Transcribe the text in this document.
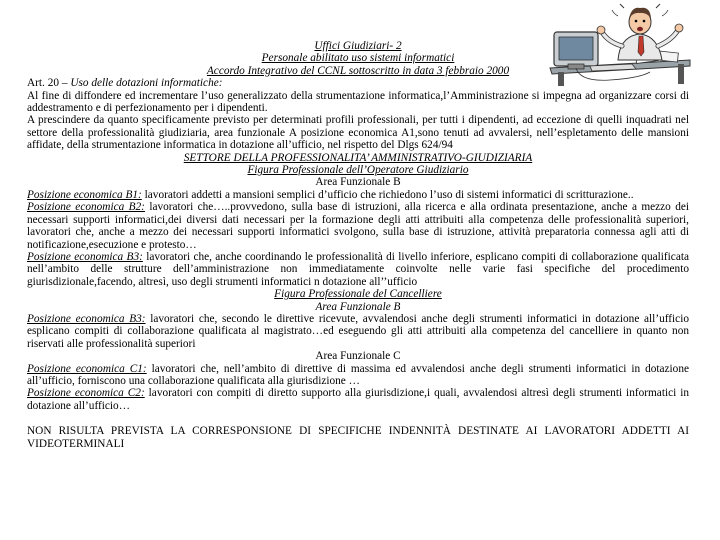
Uffici Giudiziari- 2

Personale abilitato uso sistemi informatici

Accordo Integrativo del CCNL sottoscritto in data 3 febbraio 2000

Art. 20 – Uso delle dotazioni informatiche:

Al fine di diffondere ed incrementare l’uso generalizzato della strumentazione informatica,l’Amministrazione si impegna ad organizzare corsi di addestramento e di perfezionamento per i dipendenti.

A prescindere da quanto specificamente previsto per determinati profili professionali, per tutti i dipendenti, ad eccezione di quelli inquadrati nel settore della professionalità giudiziaria, area funzionale A posizione economica A1,sono tenuti ad avvalersi, nell’espletamento delle mansioni affidate, della strumentazione informatica in dotazione all’ufficio, nel rispetto del Dlgs 624/94

SETTORE DELLA PROFESSIONALITA’ AMMINISTRATIVO-GIUDIZIARIA

Figura Professionale dell’Operatore Giudiziario

Area Funzionale B

Posizione economica B1: lavoratori addetti a mansioni semplici d’ufficio che richiedono l’uso di sistemi informatici di scritturazione..

Posizione economica B2: lavoratori che…..provvedono, sulla base di istruzioni, alla ricerca e alla ordinata presentazione, anche a mezzo dei necessari supporti informatici,dei diversi dati necessari per la formazione degli atti attribuiti alla competenza delle professionalità superiori, lavoratori che, anche a mezzo dei necessari supporti informatici svolgono, sulla base di istruzione, attività preparatoria connessa agli atti di notificazione,esecuzione e protesto…

Posizione economica B3: lavoratori che, anche coordinando le professionalità di livello inferiore, esplicano compiti di collaborazione qualificata nell’ambito delle strutture dell’amministrazione non immediatamente coinvolte nelle varie fasi specifiche del procedimento giurisdizionale,facendo, altresì, uso degli strumenti informatici n dotazione all’’ufficio

Figura Professionale del Cancelliere

Area Funzionale B

Posizione economica B3: lavoratori che, secondo le direttive ricevute, avvalendosi anche degli strumenti informatici in dotazione all’ufficio esplicano compiti di collaborazione qualificata al magistrato…ed eseguendo gli atti attribuiti alla competenza del cancelliere in quanto non riservati alle professionalità superiori

Area Funzionale C

Posizione economica C1: lavoratori che, nell’ambito di direttive di massima ed avvalendosi anche degli strumenti informatici in dotazione all’ufficio, forniscono una collaborazione qualificata alla giurisdizione …

Posizione economica C2: lavoratori con compiti di diretto supporto alla giurisdizione,i quali, avvalendosi altresì degli strumenti informatici in dotazione all’ufficio…

NON RISULTA PREVISTA LA CORRESPONSIONE DI SPECIFICHE INDENNITÀ DESTINATE AI LAVORATORI ADDETTI AI VIDEOTERMINALI
